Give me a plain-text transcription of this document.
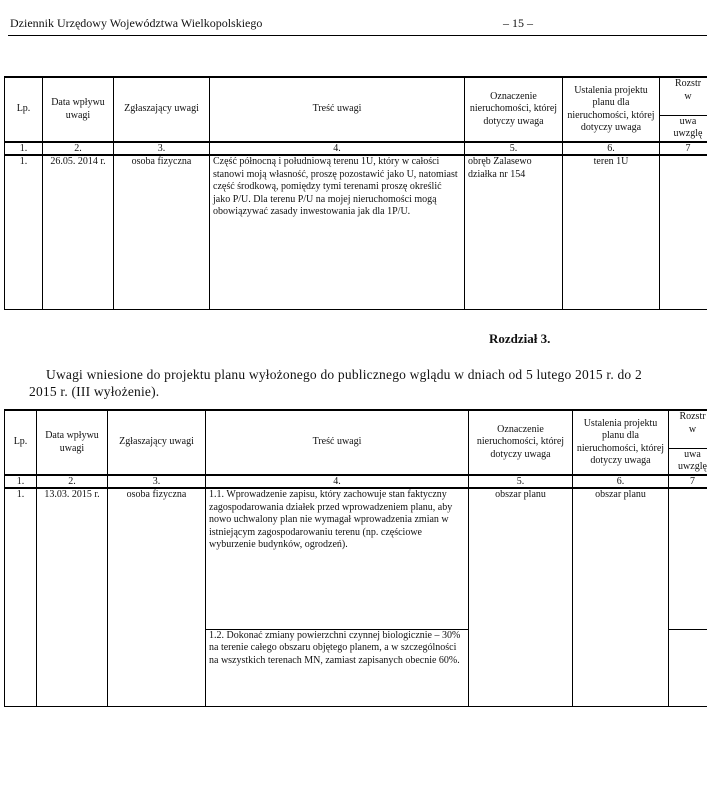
Dziennik Urzędowy Województwa Wielkopolskiego	– 15 –
Lp.	Data wpływu uwagi	Zgłaszający uwagi	Treść uwagi	Oznaczenie nieruchomości, której dotyczy uwaga	Ustalenia projektu planu dla nieruchomości, której dotyczy uwaga	Rozstr
w

						uwa
uwzglę

1.	2.	3.	4.	5.	6.	7
1.	26.05. 2014 r.	osoba fizyczna	Część północną i południową terenu 1U, który w całości stanowi moją własność, proszę pozostawić jako U, natomiast część środkową, pomiędzy tymi terenami proszę określić jako P/U. Dla terenu P/U na mojej nieruchomości mogą obowiązywać zasady inwestowania jak dla 1P/U.	obręb Zalasewo działka nr 154	teren 1U	
Rozdział 3.
Uwagi wniesione do projektu planu wyłożonego do publicznego wglądu w dniach od 5 lutego 2015 r. do 2
2015 r. (III wyłożenie).
Lp.	Data wpływu uwagi	Zgłaszający uwagi	Treść uwagi	Oznaczenie nieruchomości, której dotyczy uwaga	Ustalenia projektu planu dla nieruchomości, której dotyczy uwaga	Rozstr
w

						uwa
uwzglę

1.	2.	3.	4.	5.	6.	7
1.	13.03. 2015 r.	osoba fizyczna	1.1. Wprowadzenie zapisu, który zachowuje stan faktyczny zagospodarowania działek przed wprowadzeniem planu, aby nowo uchwalony plan nie wymagał wprowadzenia zmian w istniejącym zagospodarowaniu terenu (np. częściowe wyburzenie budynków, ogrodzeń).	obszar planu	obszar planu	
			1.2. Dokonać zmiany powierzchni czynnej biologicznie – 30% na terenie całego obszaru objętego planem, a w szczególności na wszystkich terenach MN, zamiast zapisanych obecnie 60%.			
